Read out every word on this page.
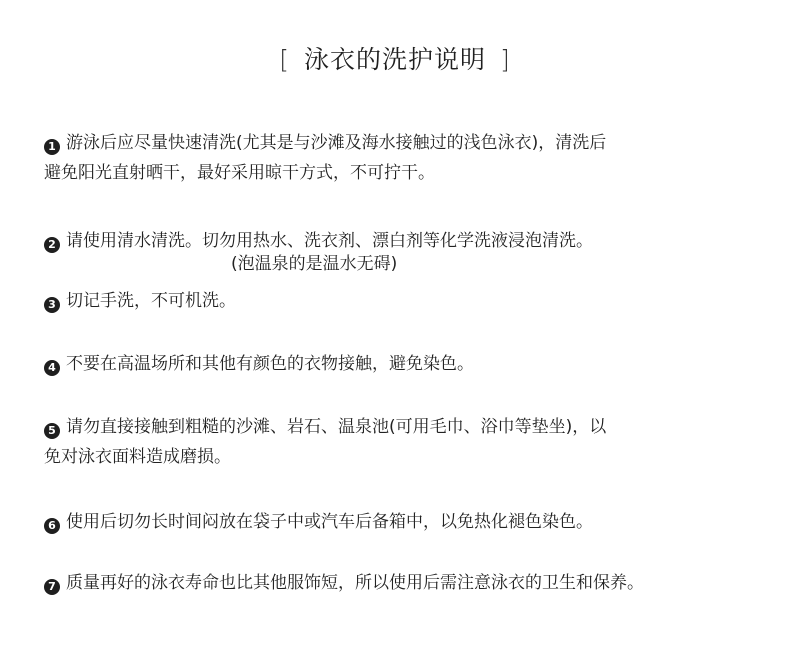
[ 泳衣的洗护说明 ]
1 游泳后应尽量快速清洗(尤其是与沙滩及海水接触过的浅色泳衣)，清洗后
避免阳光直射晒干，最好采用晾干方式，不可拧干。
2 请使用清水清洗。切勿用热水、洗衣剂、漂白剂等化学洗液浸泡清洗。
(泡温泉的是温水无碍)
3 切记手洗，不可机洗。
4 不要在高温场所和其他有颜色的衣物接触，避免染色。
5 请勿直接接触到粗糙的沙滩、岩石、温泉池(可用毛巾、浴巾等垫坐)，以
免对泳衣面料造成磨损。
6 使用后切勿长时间闷放在袋子中或汽车后备箱中，以免热化褪色染色。
7 质量再好的泳衣寿命也比其他服饰短，所以使用后需注意泳衣的卫生和保养。
